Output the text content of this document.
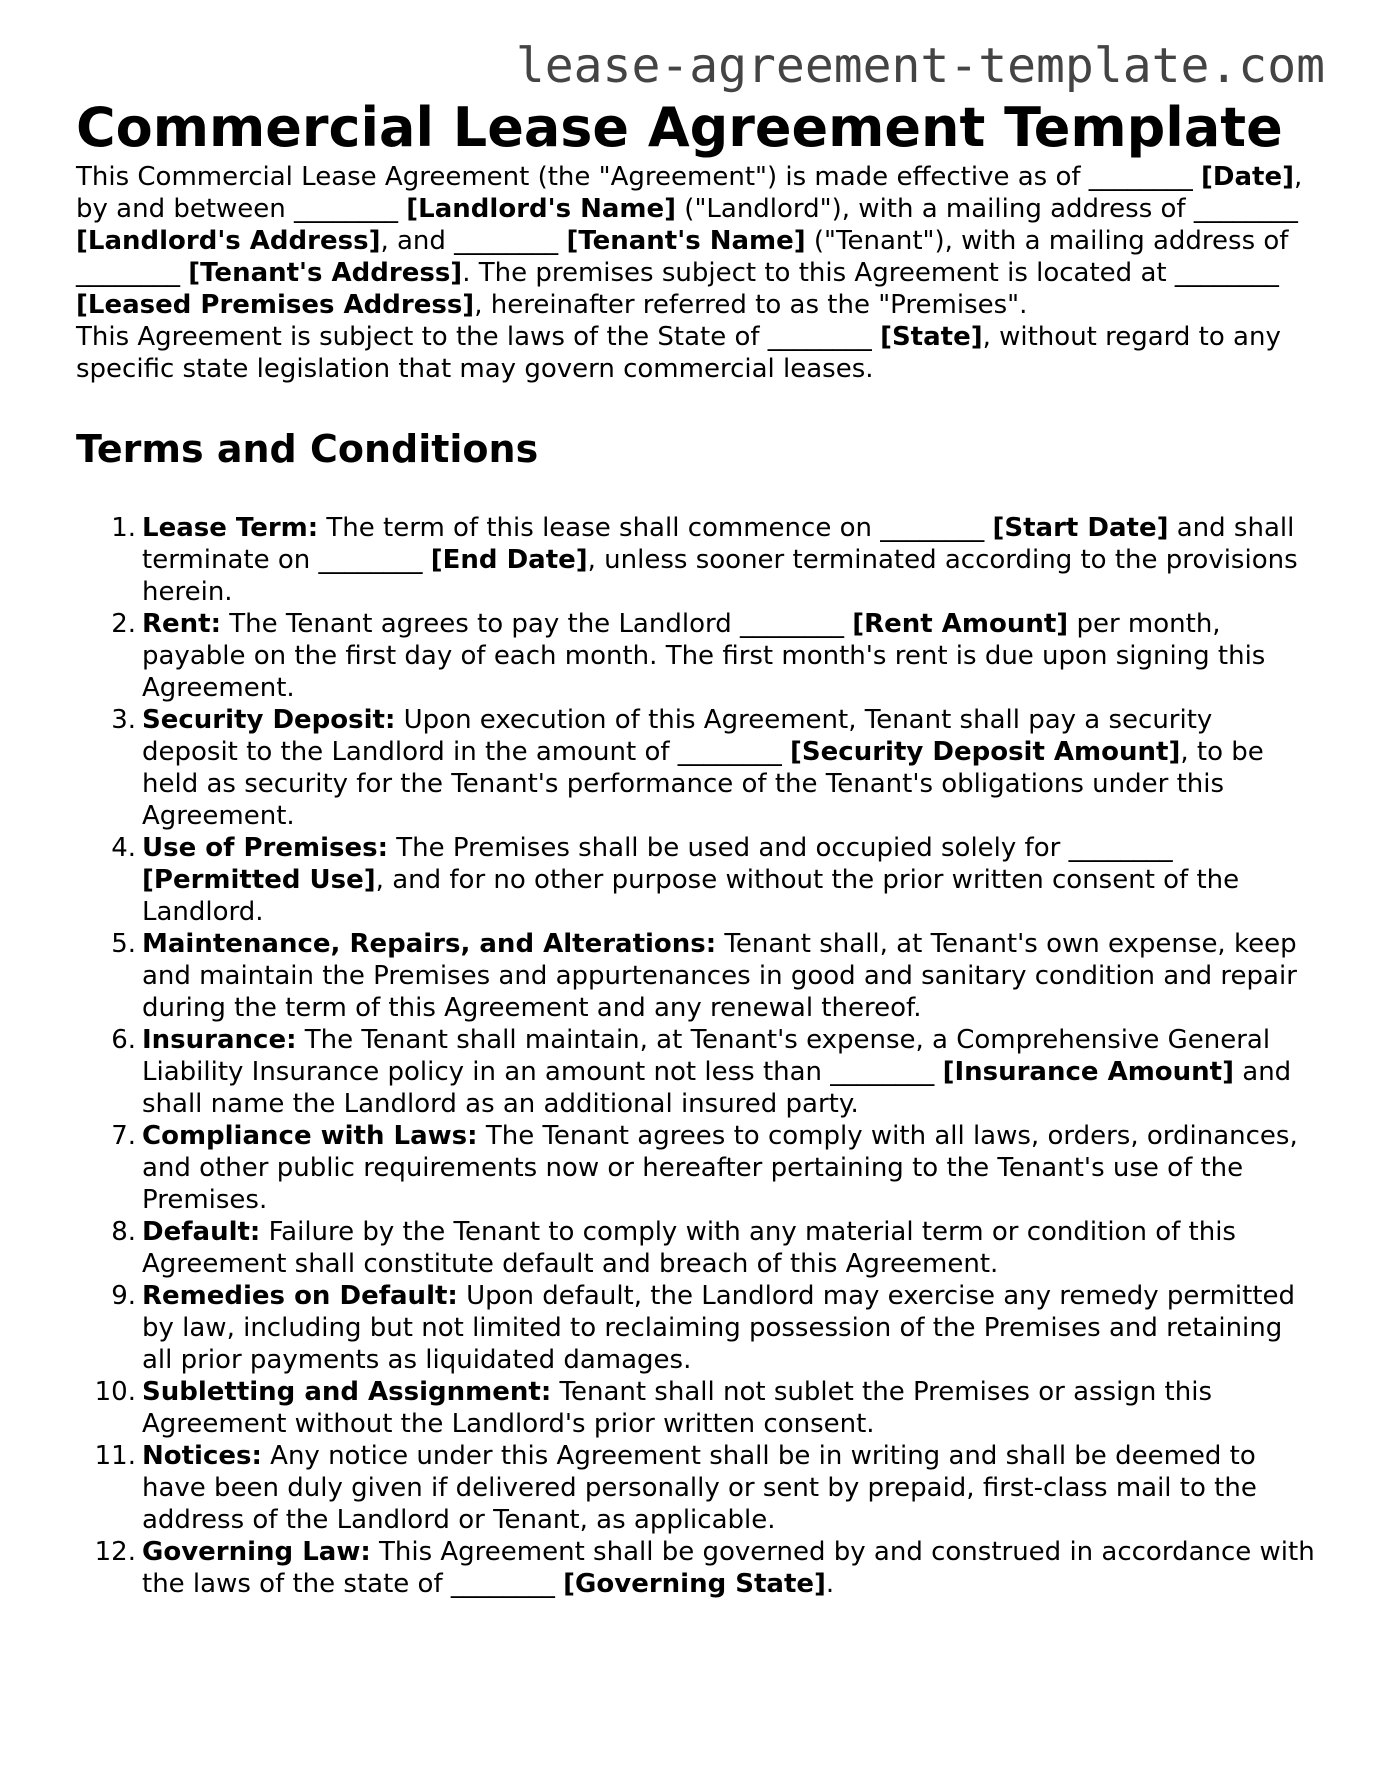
lease-agreement-template.com
Commercial Lease Agreement Template

This Commercial Lease Agreement (the "Agreement") is made effective as of ________ [Date], by and between ________ [Landlord's Name] ("Landlord"), with a mailing address of ________ [Landlord's Address], and ________ [Tenant's Name] ("Tenant"), with a mailing address of ________ [Tenant's Address]. The premises subject to this Agreement is located at ________ [Leased Premises Address], hereinafter referred to as the "Premises".

This Agreement is subject to the laws of the State of ________ [State], without regard to any specific state legislation that may govern commercial leases.

Terms and Conditions
1. Lease Term: The term of this lease shall commence on ________ [Start Date] and shall terminate on ________ [End Date], unless sooner terminated according to the provisions herein.
2. Rent: The Tenant agrees to pay the Landlord ________ [Rent Amount] per month, payable on the first day of each month. The first month's rent is due upon signing this Agreement.
3. Security Deposit: Upon execution of this Agreement, Tenant shall pay a security deposit to the Landlord in the amount of ________ [Security Deposit Amount], to be held as security for the Tenant's performance of the Tenant's obligations under this Agreement.
4. Use of Premises: The Premises shall be used and occupied solely for ________ [Permitted Use], and for no other purpose without the prior written consent of the Landlord.
5. Maintenance, Repairs, and Alterations: Tenant shall, at Tenant's own expense, keep and maintain the Premises and appurtenances in good and sanitary condition and repair during the term of this Agreement and any renewal thereof.
6. Insurance: The Tenant shall maintain, at Tenant's expense, a Comprehensive General Liability Insurance policy in an amount not less than ________ [Insurance Amount] and shall name the Landlord as an additional insured party.
7. Compliance with Laws: The Tenant agrees to comply with all laws, orders, ordinances, and other public requirements now or hereafter pertaining to the Tenant's use of the Premises.
8. Default: Failure by the Tenant to comply with any material term or condition of this Agreement shall constitute default and breach of this Agreement.
9. Remedies on Default: Upon default, the Landlord may exercise any remedy permitted by law, including but not limited to reclaiming possession of the Premises and retaining all prior payments as liquidated damages.
10. Subletting and Assignment: Tenant shall not sublet the Premises or assign this Agreement without the Landlord's prior written consent.
11. Notices: Any notice under this Agreement shall be in writing and shall be deemed to have been duly given if delivered personally or sent by prepaid, first-class mail to the address of the Landlord or Tenant, as applicable.
12. Governing Law: This Agreement shall be governed by and construed in accordance with the laws of the state of ________ [Governing State].
